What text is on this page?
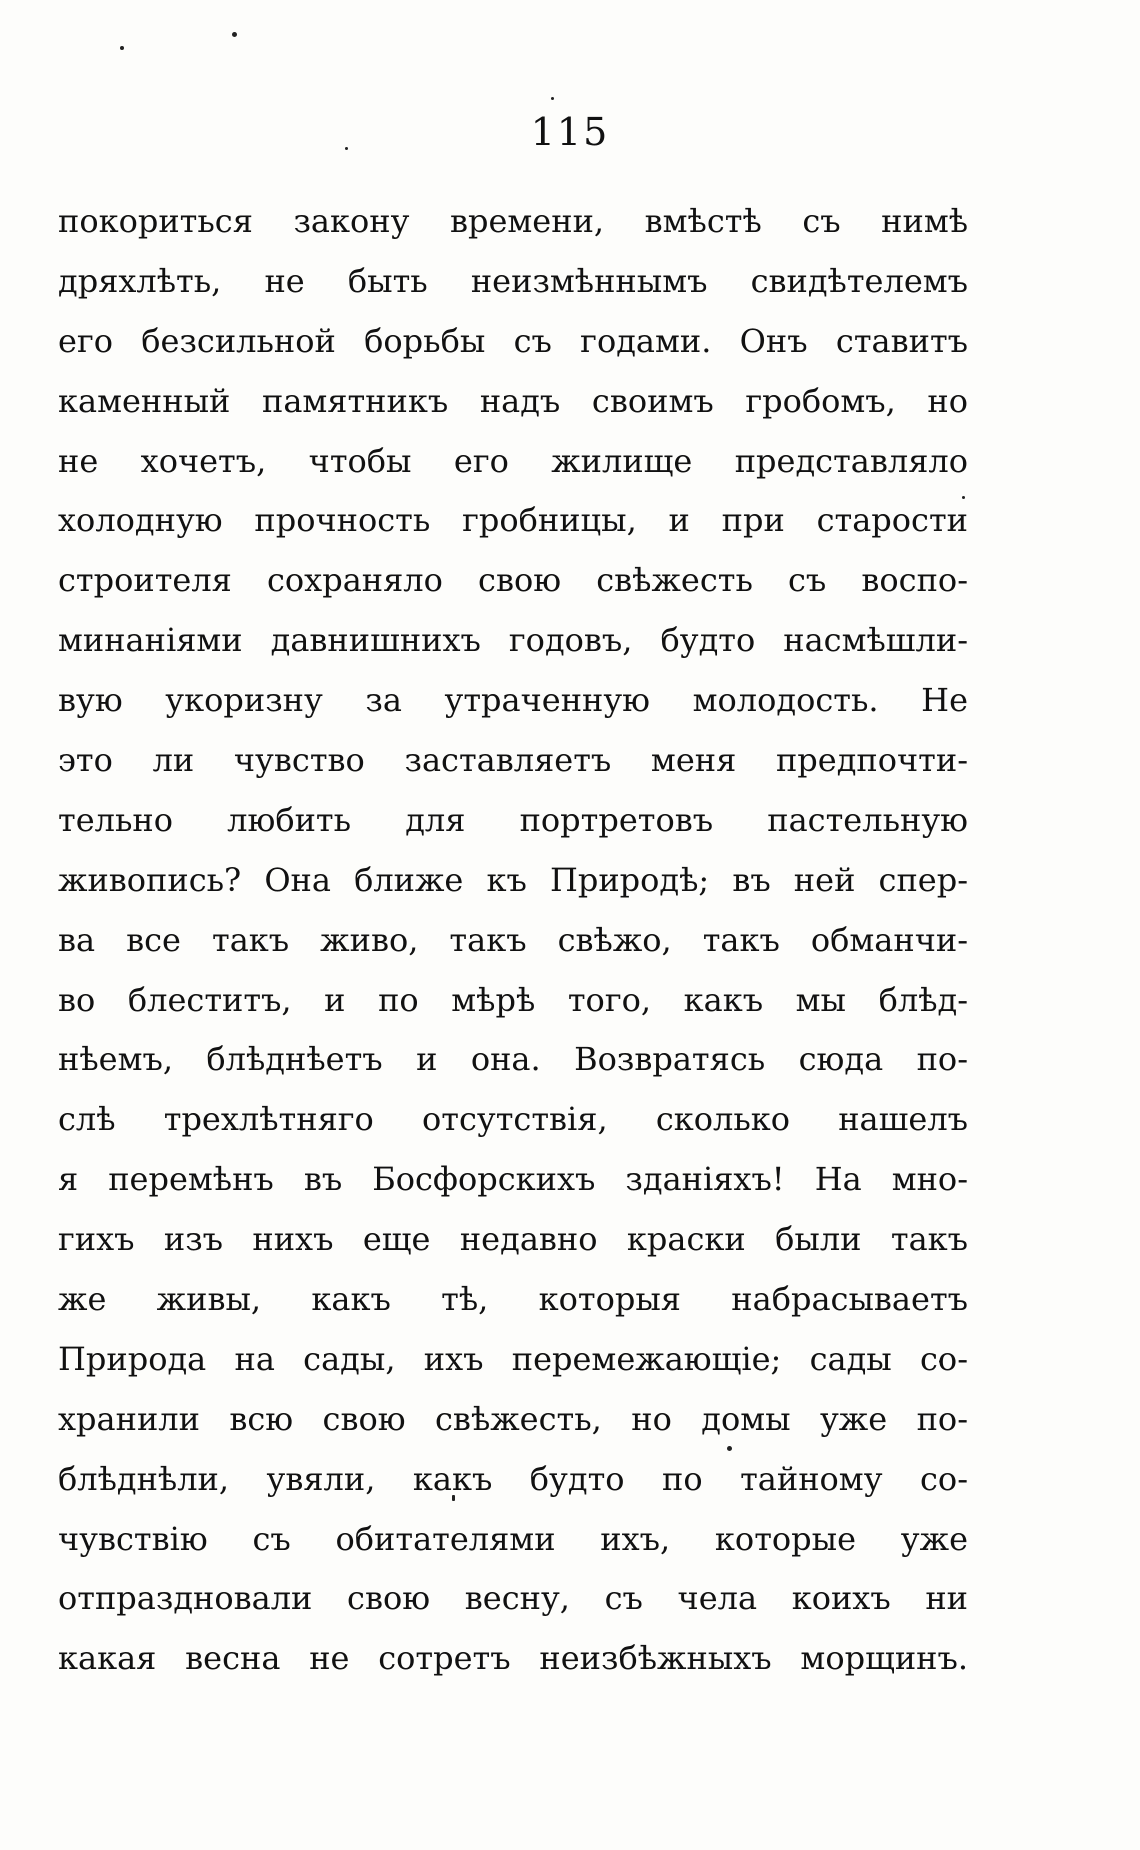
115
покориться закону времени, вмѣстѣ съ нимѣ
дряхлѣть, не быть неизмѣннымъ свидѣтелемъ
его безсильной борьбы съ годами. Онъ ставитъ
каменный памятникъ надъ своимъ гробомъ, но
не хочетъ, чтобы его жилище представляло
холодную прочность гробницы, и при старости
строителя сохраняло свою свѣжесть съ воспо-
минаніями давнишнихъ годовъ, будто насмѣшли-
вую укоризну за утраченную молодость. Не
это ли чувство заставляетъ меня предпочти-
тельно любить для портретовъ пастельную
живопись? Она ближе къ Природѣ; въ ней спер-
ва все такъ живо, такъ свѣжо, такъ обманчи-
во блеститъ, и по мѣрѣ того, какъ мы блѣд-
нѣемъ, блѣднѣетъ и она. Возвратясь сюда по-
слѣ трехлѣтняго отсутствія, сколько нашелъ
я перемѣнъ въ Босфорскихъ зданіяхъ! На мно-
гихъ изъ нихъ еще недавно краски были такъ
же живы, какъ тѣ, которыя набрасываетъ
Природа на сады, ихъ перемежающіе; сады со-
хранили всю свою свѣжесть, но домы уже по-
блѣднѣли, увяли, какъ будто по тайному со-
чувствію съ обитателями ихъ, которые уже
отпраздновали свою весну, съ чела коихъ ни
какая весна не сотретъ неизбѣжныхъ морщинъ.
